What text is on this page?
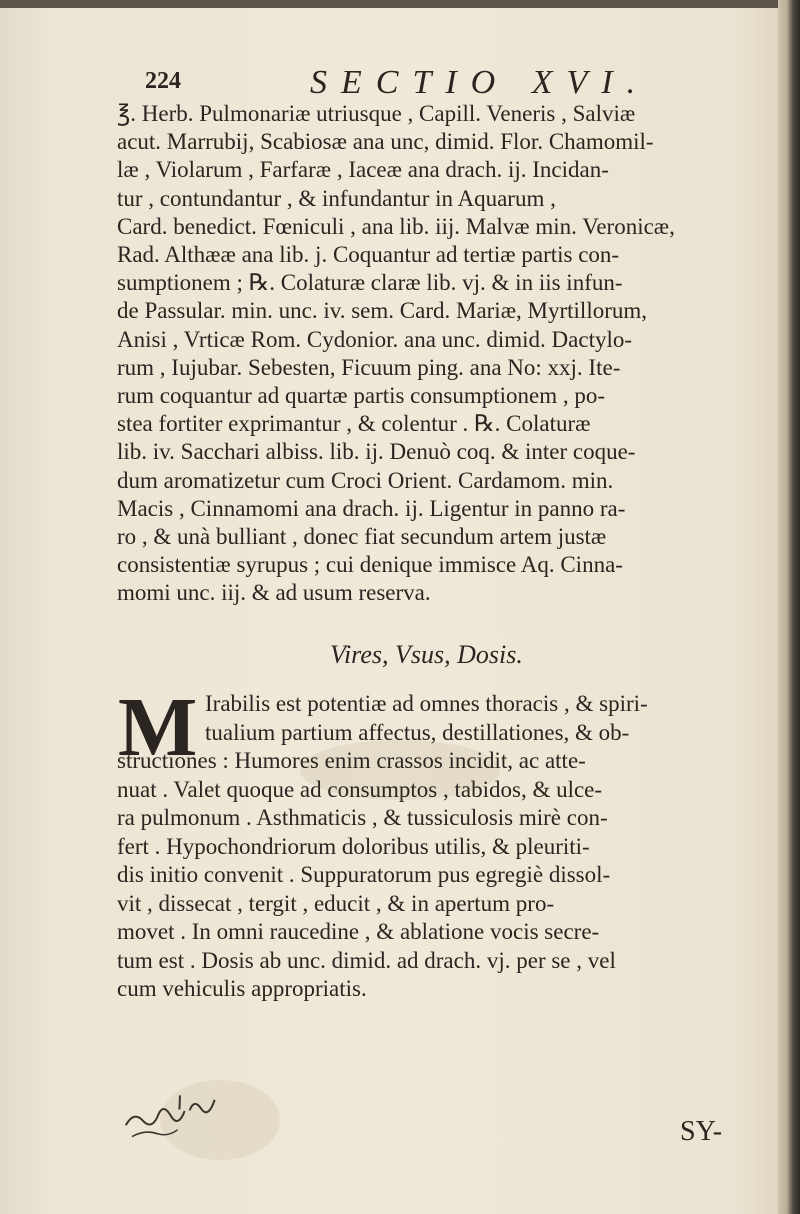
224	SECTIO XVI.
℥. Herb. Pulmonariæ utriusque , Capill. Veneris , Salviæ
acut. Marrubij, Scabiosæ ana unc, dimid. Flor. Chamomil-
læ , Violarum , Farfaræ , Iaceæ ana drach. ij. Incidan-
tur , contundantur , & infundantur in Aquarum ,
Card. benedict. Fœniculi , ana lib. iij. Malvæ min. Veronicæ,
Rad. Althææ ana lib. j. Coquantur ad tertiæ partis con-
sumptionem ; ℞. Colaturæ claræ lib. vj. & in iis infun-
de Passular. min. unc. iv. sem. Card. Mariæ, Myrtillorum,
Anisi , Vrticæ Rom. Cydonior. ana unc. dimid. Dactylo-
rum , Iujubar. Sebesten, Ficuum ping. ana No: xxj. Ite-
rum coquantur ad quartæ partis consumptionem , po-
stea fortiter exprimantur , & colentur . ℞. Colaturæ
lib. iv. Sacchari albiss. lib. ij. Denuò coq. & inter coque-
dum aromatizetur cum Croci Orient. Cardamom. min.
Macis , Cinnamomi ana drach. ij. Ligentur in panno ra-
ro , & unà bulliant , donec fiat secundum artem justæ
consistentiæ syrupus ; cui denique immisce Aq. Cinna-
momi unc. iij. & ad usum reserva.
Vires, Vsus, Dosis.
M Irabilis est potentiæ ad omnes thoracis , & spiri-
tualium partium affectus, destillationes, & ob-
structiones : Humores enim crassos incidit, ac atte-
nuat . Valet quoque ad consumptos , tabidos, & ulce-
ra pulmonum . Asthmaticis , & tussiculosis mirè con-
fert . Hypochondriorum doloribus utilis, & pleuriti-
dis initio convenit . Suppuratorum pus egregiè dissol-
vit , dissecat , tergit , educit , & in apertum pro-
movet . In omni raucedine , & ablatione vocis secre-
tum est . Dosis ab unc. dimid. ad drach. vj. per se , vel
cum vehiculis appropriatis.
SY-
